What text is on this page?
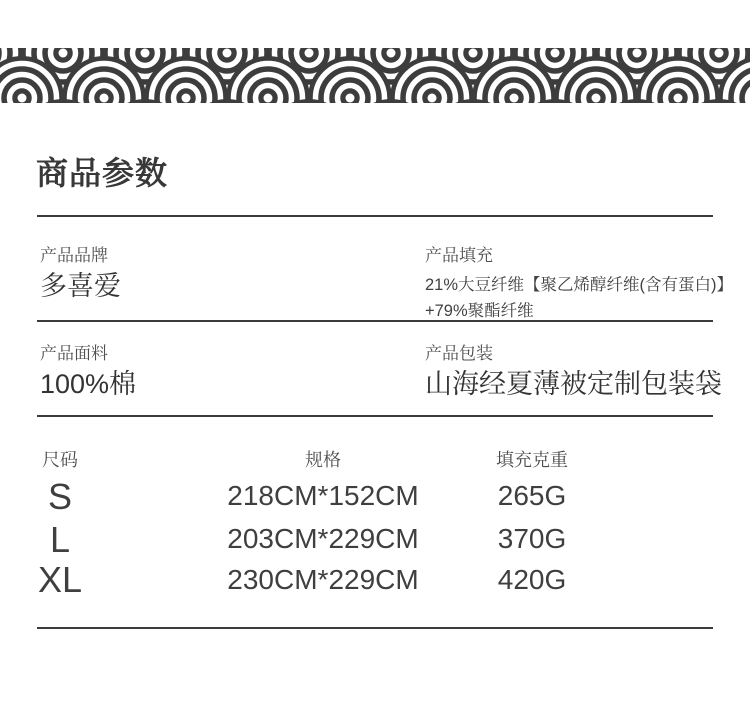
商品参数
产品品牌
多喜爱
产品填充
21%大豆纤维【聚乙烯醇纤维(含有蛋白)】
+79%聚酯纤维
产品面料
100%棉
产品包装
山海经夏薄被定制包装袋
尺码	规格	填充克重
S	218CM*152CM	265G
L	203CM*229CM	370G
XL	230CM*229CM	420G
